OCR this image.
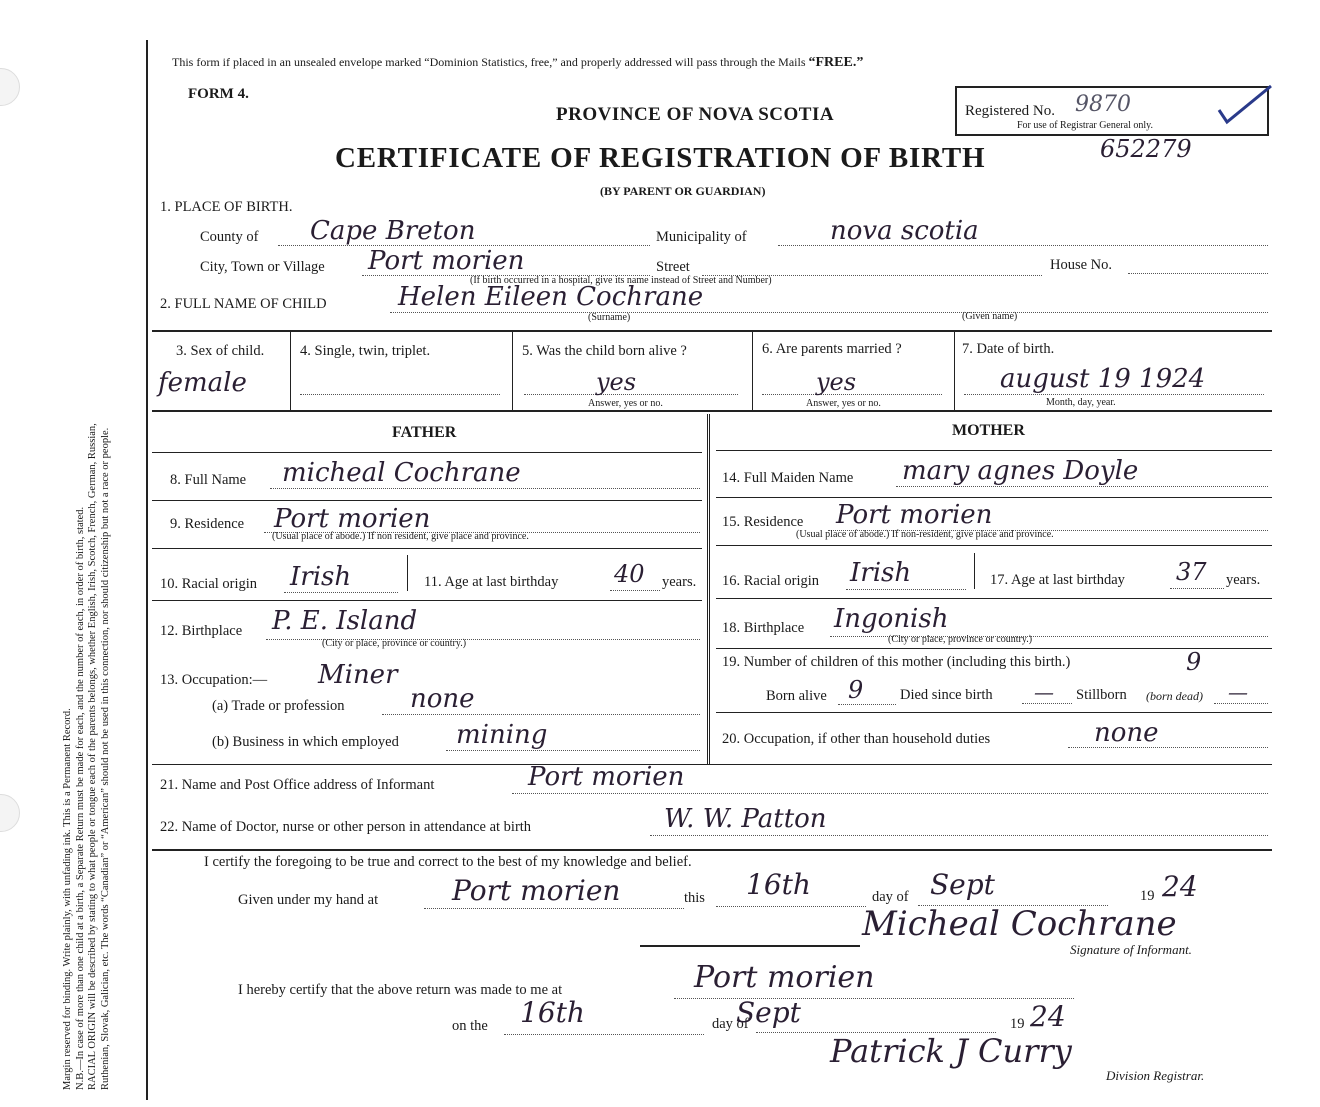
Margin reserved for binding. Write plainly, with unfading ink. This is a Permanent Record. N.B.—In case of more than one child at a birth, a Separate Return must be made for each, and the number of each, in order of birth, stated. RACIAL ORIGIN will be described by stating to what people or tongue each of the parents belongs, whether English, Irish, Scotch, French, German, Russian, Ruthenian, Slovak, Galician, etc. The words “Canadian” or “American” should not be used in this connection, nor should citizenship but not a race or people.
This form if placed in an unsealed envelope marked “Dominion Statistics, free,” and properly addressed will pass through the Mails “FREE.”
FORM 4.
PROVINCE OF NOVA SCOTIA
CERTIFICATE OF REGISTRATION OF BIRTH
(BY PARENT OR GUARDIAN)
Registered No. 9870
For use of Registrar General only.
652279
1. PLACE OF BIRTH.
County of Cape Breton	Municipality of	nova scotia
City, Town or Village Port morien	Street
(If birth occurred in a hospital, give its name instead of Street and Number)
House No.
2. FULL NAME OF CHILD	Helen Eileen Cochrane
(Surname)	(Given name)
3. Sex of child.
female
4. Single, twin, triplet.	5. Was the child born alive ?
yes
Answer, yes or no.
6. Are parents married ?
yes
Answer, yes or no.
7. Date of birth.
august 19 1924
Month, day, year.
FATHER	MOTHER
8. Full Name micheal Cochrane
9. Residence Port morien
(Usual place of abode.) If non resident, give place and province.
10. Racial origin Irish	11. Age at last birthday 40 years.
12. Birthplace P. E. Island
(City or place, province or country.)
13. Occupation:— Miner
(a) Trade or profession	none
(b) Business in which employed mining
14. Full Maiden Name mary agnes Doyle
15. Residence Port morien
(Usual place of abode.) If non-resident, give place and province.
16. Racial origin Irish	17. Age at last birthday 37 years.
18. Birthplace Ingonish
(City or place, province or country.)
19. Number of children of this mother (including this birth.)	9
Born alive 9	Died since birth — Stillborn (born dead) —
20. Occupation, if other than household duties	none
21. Name and Post Office address of Informant	Port morien
22. Name of Doctor, nurse or other person in attendance at birth	W. W. Patton
I certify the foregoing to be true and correct to the best of my knowledge and belief.
Given under my hand at	Port morien	this 16th	day of Sept	19 24
Micheal Cochrane
Signature of Informant.
I hereby certify that the above return was made to me at	Port morien
on the 16th	day of
Sept	19 24
Patrick J Curry
Division Registrar.
